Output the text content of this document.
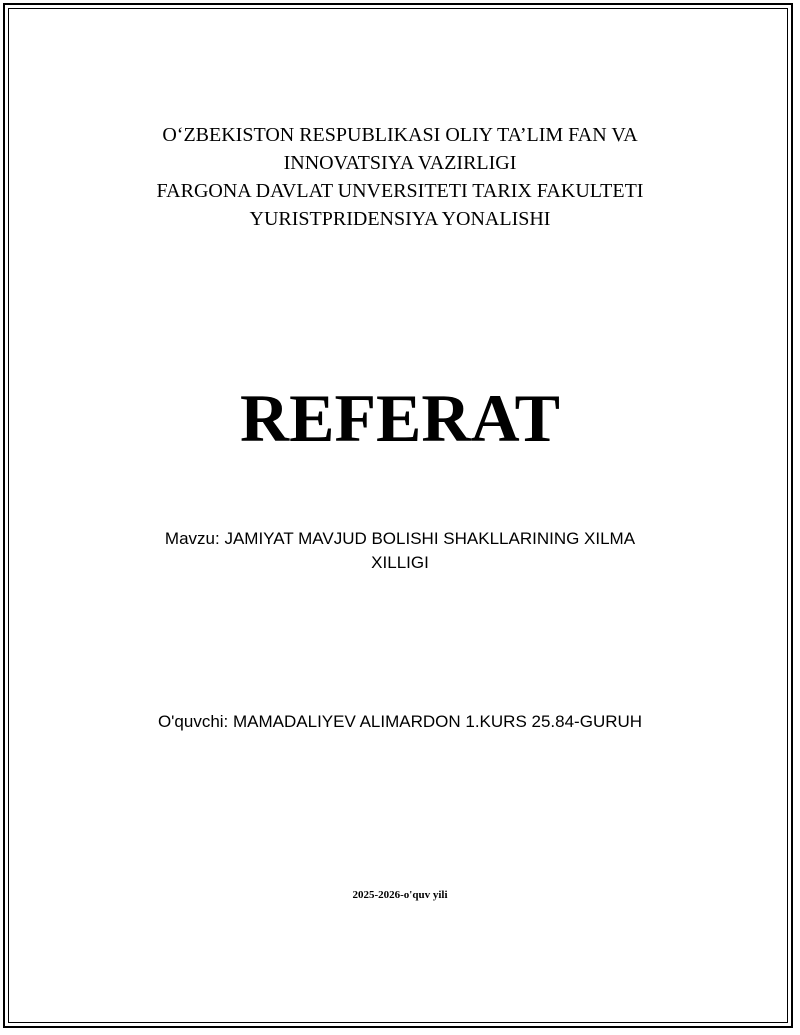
O‘ZBEKISTON RESPUBLIKASI OLIY TA’LIM FAN VA
INNOVATSIYA VAZIRLIGI
FARGONA DAVLAT UNVERSITETI TARIX FAKULTETI
YURISTPRIDENSIYA YONALISHI
REFERAT
Mavzu: JAMIYAT MAVJUD BOLISHI SHAKLLARINING XILMA
XILLIGI
O'quvchi: MAMADALIYEV ALIMARDON 1.KURS 25.84-GURUH
2025-2026-o'quv yili
